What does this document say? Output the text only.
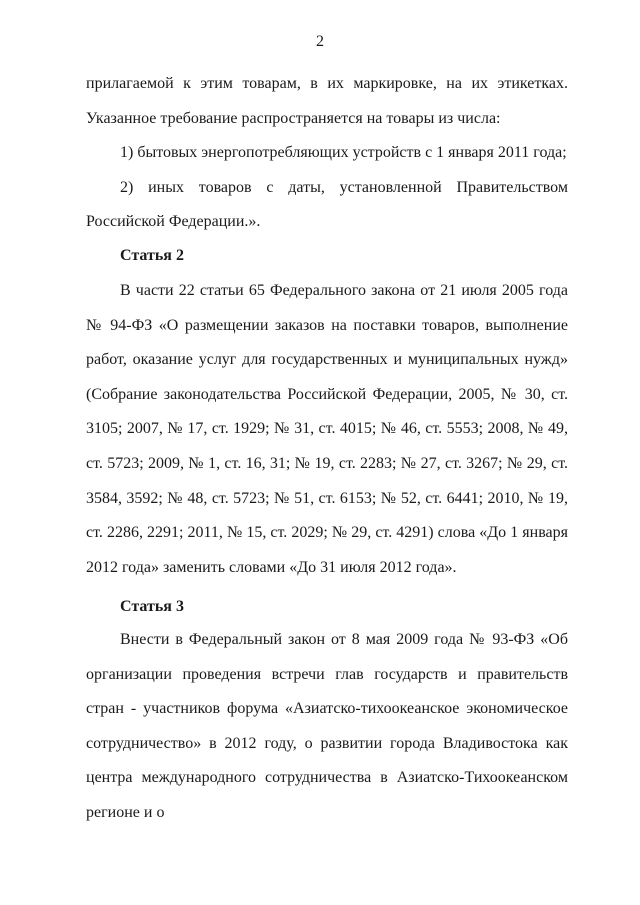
2

прилагаемой к этим товарам, в их маркировке, на их этикетках. Указанное требование распространяется на товары из числа:

1) бытовых энергопотребляющих устройств с 1 января 2011 года;

2) иных товаров с даты, установленной Правительством Российской Федерации.».

Статья 2

В части 22 статьи 65 Федерального закона от 21 июля 2005 года № 94-ФЗ «О размещении заказов на поставки товаров, выполнение работ, оказание услуг для государственных и муниципальных нужд» (Собрание законодательства Российской Федерации, 2005, № 30, ст. 3105; 2007, № 17, ст. 1929; № 31, ст. 4015; № 46, ст. 5553; 2008, № 49, ст. 5723; 2009, № 1, ст. 16, 31; № 19, ст. 2283; № 27, ст. 3267; № 29, ст. 3584, 3592; № 48, ст. 5723; № 51, ст. 6153; № 52, ст. 6441; 2010, № 19, ст. 2286, 2291; 2011, № 15, ст. 2029; № 29, ст. 4291) слова «До 1 января 2012 года» заменить словами «До 31 июля 2012 года».

Статья 3

Внести в Федеральный закон от 8 мая 2009 года № 93-ФЗ «Об организации проведения встречи глав государств и правительств стран - участников форума «Азиатско-тихоокеанское экономическое сотрудничество» в 2012 году, о развитии города Владивостока как центра международного сотрудничества в Азиатско-Тихоокеанском регионе и о
